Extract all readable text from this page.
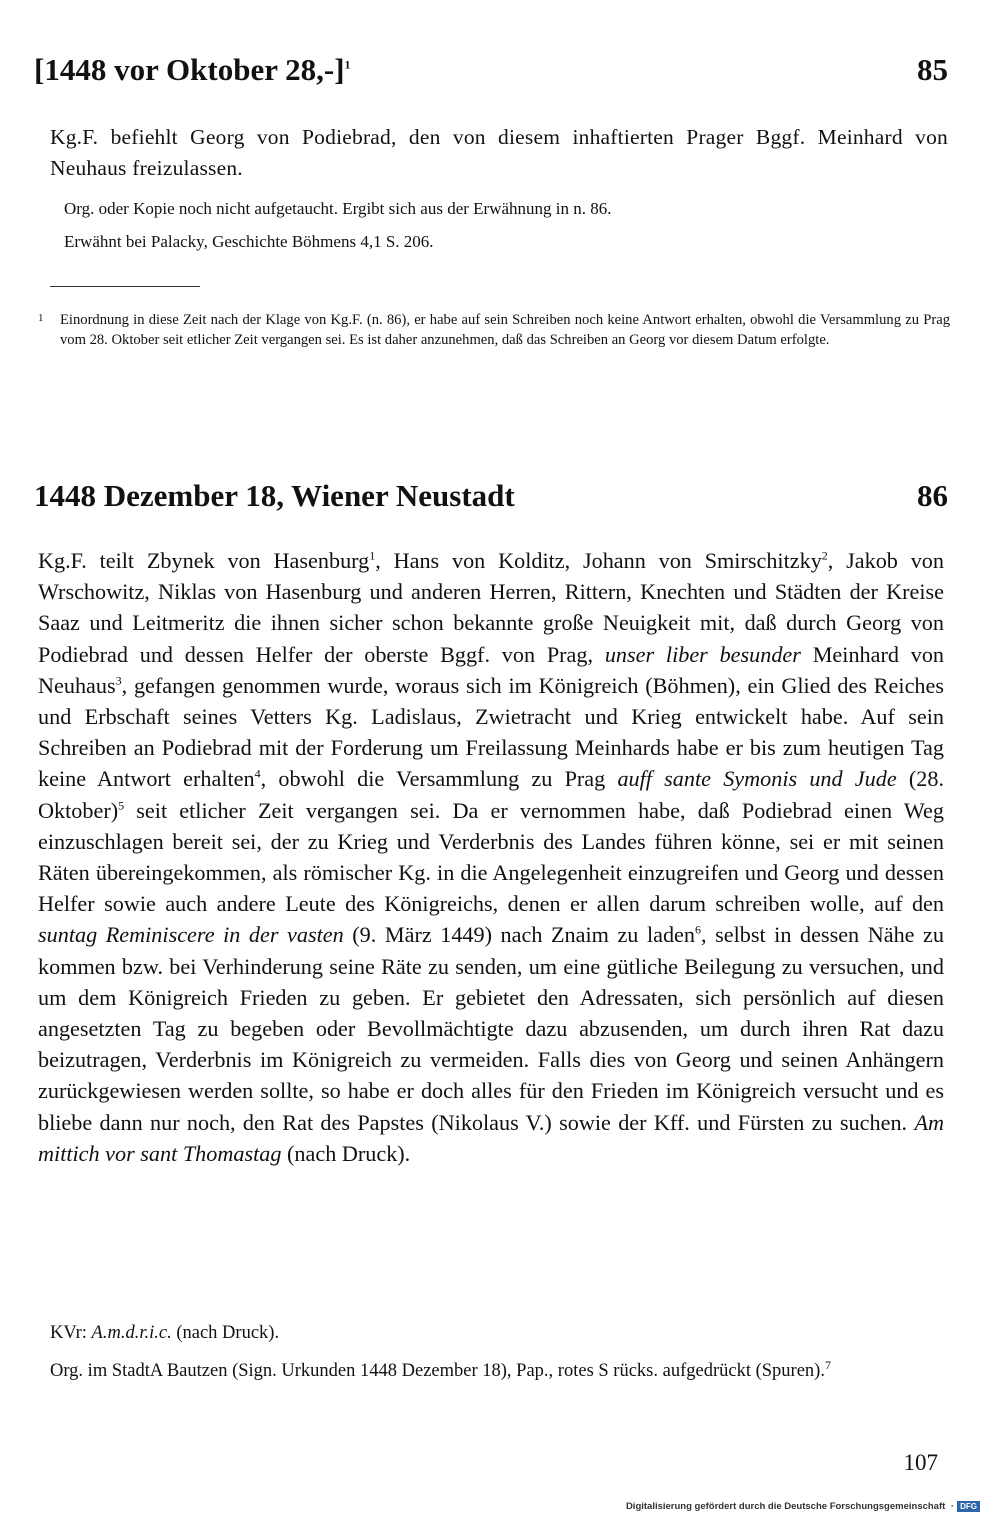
[1448 vor Oktober 28,-]$^1$	85
Kg.F. befiehlt Georg von Podiebrad, den von diesem inhaftierten Prager Bggf. Meinhard von Neuhaus freizulassen.
Org. oder Kopie noch nicht aufgetaucht. Ergibt sich aus der Erwähnung in n. 86.
Erwähnt bei Palacky, Geschichte Böhmens 4,1 S. 206.
1 Einordnung in diese Zeit nach der Klage von Kg.F. (n. 86), er habe auf sein Schreiben noch keine Antwort erhalten, obwohl die Versammlung zu Prag vom 28. Oktober seit etlicher Zeit vergangen sei. Es ist daher anzunehmen, daß das Schreiben an Georg vor diesem Datum erfolgte.

1448 Dezember 18, Wiener Neustadt	86

Kg.F. teilt Zbynek von Hasenburg$^1$, Hans von Kolditz, Johann von Smirschitzky$^2$, Jakob von Wrschowitz, Niklas von Hasenburg und anderen Herren, Rittern, Knechten und Städten der Kreise Saaz und Leitmeritz die ihnen sicher schon bekannte große Neuigkeit mit, daß durch Georg von Podiebrad und dessen Helfer der oberste Bggf. von Prag, unser liber besunder Meinhard von Neuhaus$^3$, gefangen genommen wurde, woraus sich im Königreich (Böhmen), ein Glied des Reiches und Erbschaft seines Vetters Kg. Ladislaus, Zwietracht und Krieg entwickelt habe. Auf sein Schreiben an Podiebrad mit der Forderung um Freilassung Meinhards habe er bis zum heutigen Tag keine Antwort erhalten$^4$, obwohl die Versammlung zu Prag auff sante Symonis und Jude (28. Oktober)$^5$ seit etlicher Zeit vergangen sei. Da er vernommen habe, daß Podiebrad einen Weg einzuschlagen bereit sei, der zu Krieg und Verderbnis des Landes führen könne, sei er mit seinen Räten übereingekommen, als römischer Kg. in die Angelegenheit einzugreifen und Georg und dessen Helfer sowie auch andere Leute des Königreichs, denen er allen darum schreiben wolle, auf den suntag Reminiscere in der vasten (9. März 1449) nach Znaim zu laden$^6$, selbst in dessen Nähe zu kommen bzw. bei Verhinderung seine Räte zu senden, um eine gütliche Beilegung zu versuchen, und um dem Königreich Frieden zu geben. Er gebietet den Adressaten, sich persönlich auf diesen angesetzten Tag zu begeben oder Bevollmächtigte dazu abzusenden, um durch ihren Rat dazu beizutragen, Verderbnis im Königreich zu vermeiden. Falls dies von Georg und seinen Anhängern zurückgewiesen werden sollte, so habe er doch alles für den Frieden im Königreich versucht und es bliebe dann nur noch, den Rat des Papstes (Nikolaus V.) sowie der Kff. und Fürsten zu suchen. Am mittich vor sant Thomastag (nach Druck).

KVr: A.m.d.r.i.c. (nach Druck).
Org. im StadtA Bautzen (Sign. Urkunden 1448 Dezember 18), Pap., rotes S rücks. aufgedrückt (Spuren).$^7$
107
Digitalisierung gefördert durch die Deutsche Forschungsgemeinschaft · DFG
